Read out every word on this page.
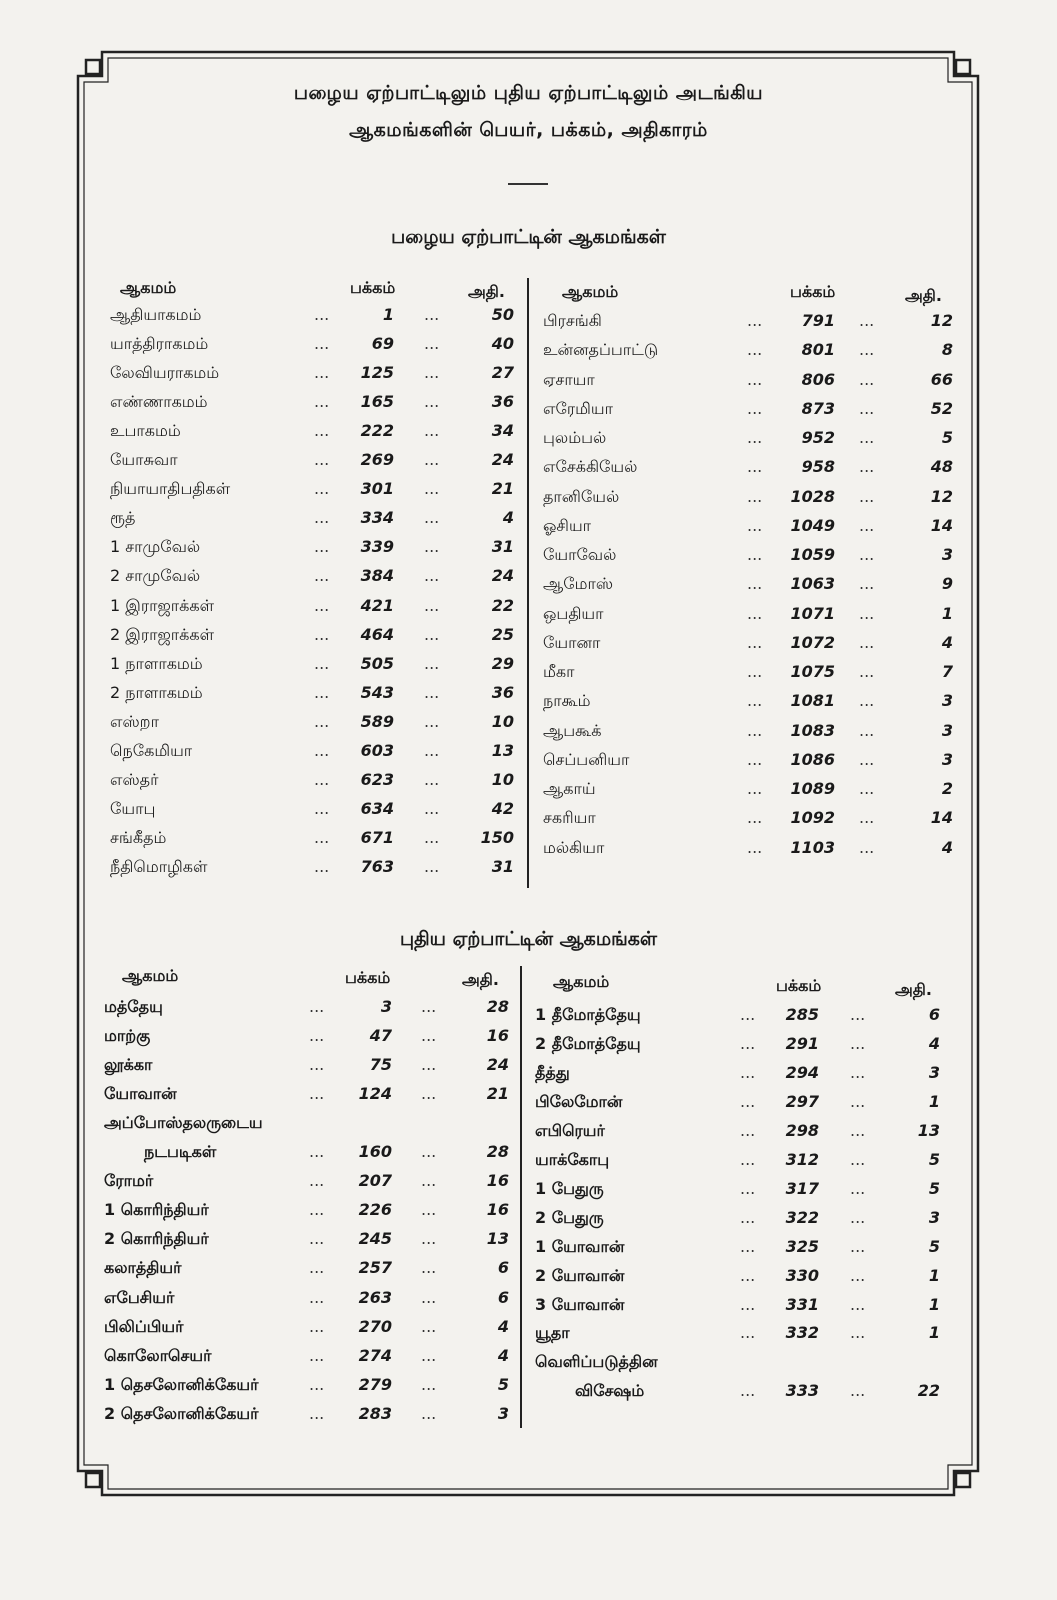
பழைய ஏற்பாட்டிலும் புதிய ஏற்பாட்டிலும் அடங்கிய
ஆகமங்களின் பெயர், பக்கம், அதிகாரம்
பழைய ஏற்பாட்டின் ஆகமங்கள்
ஆகமம்	பக்கம்	அதி.	ஆகமம்	பக்கம்	அதி.
ஆதியாகமம்	...	1 ...	50
யாத்திராகமம்	...	69 ...	40
லேவியராகமம்	...	125 ...	27
எண்ணாகமம்	...	165 ...	36
உபாகமம்	...	222 ...	34
யோசுவா	...	269 ...	24
நியாயாதிபதிகள்	...	301 ...	21
ரூத்	...	334 ...	4
1 சாமுவேல்	...	339 ...	31
2 சாமுவேல்	...	384 ...	24
1 இராஜாக்கள்	...	421 ...	22
2 இராஜாக்கள்	...	464 ...	25
1 நாளாகமம்	...	505 ...	29
2 நாளாகமம்	...	543 ...	36
எஸ்றா	...	589 ...	10
நெகேமியா	...	603 ...	13
எஸ்தர்	...	623 ...	10
யோபு	...	634 ...	42
சங்கீதம்	...	671 ...	150
நீதிமொழிகள்	...	763 ...	31
பிரசங்கி	...	791 ...	12
உன்னதப்பாட்டு	...	801 ...	8
ஏசாயா	...	806 ...	66
எரேமியா	...	873 ...	52
புலம்பல்	...	952 ...	5
எசேக்கியேல்	...	958 ...	48
தானியேல்	... 1028 ...	12
ஓசியா	... 1049 ...	14
யோவேல்	... 1059 ...	3
ஆமோஸ்	... 1063 ...	9
ஒபதியா	... 1071 ...	1
யோனா	... 1072 ...	4
மீகா	... 1075 ...	7
நாகூம்	... 1081 ...	3
ஆபகூக்	... 1083 ...	3
செப்பனியா	... 1086 ...	3
ஆகாய்	... 1089 ...	2
சகரியா	... 1092 ...	14
மல்கியா	... 1103 ...	4
புதிய ஏற்பாட்டின் ஆகமங்கள்
ஆகமம்	பக்கம்	அதி.	ஆகமம்	பக்கம்	அதி.
மத்தேயு	...	3 ...	28
மாற்கு	...	47 ...	16
லூக்கா	...	75 ...	24
யோவான்	...	124 ...	21
அப்போஸ்தலருடைய
நடபடிகள்	...	160 ...	28
ரோமர்	...	207 ...	16
1 கொரிந்தியர்	...	226 ...	16
2 கொரிந்தியர்	...	245 ...	13
கலாத்தியர்	...	257 ...	6
எபேசியர்	...	263 ...	6
பிலிப்பியர்	...	270 ...	4
கொலோசெயர்	...	274 ...	4
1 தெசலோனிக்கேயர்	...	279 ...	5
2 தெசலோனிக்கேயர்	...	283 ...	3
1 தீமோத்தேயு	...	285 ...	6
2 தீமோத்தேயு	...	291 ...	4
தீத்து	...	294 ...	3
பிலேமோன்	...	297 ...	1
எபிரெயர்	...	298 ...	13
யாக்கோபு	...	312 ...	5
1 பேதுரு	...	317 ...	5
2 பேதுரு	...	322 ...	3
1 யோவான்	...	325 ...	5
2 யோவான்	...	330 ...	1
3 யோவான்	...	331 ...	1
யூதா	...	332 ...	1
வெளிப்படுத்தின
விசேஷம்	...	333 ...	22
